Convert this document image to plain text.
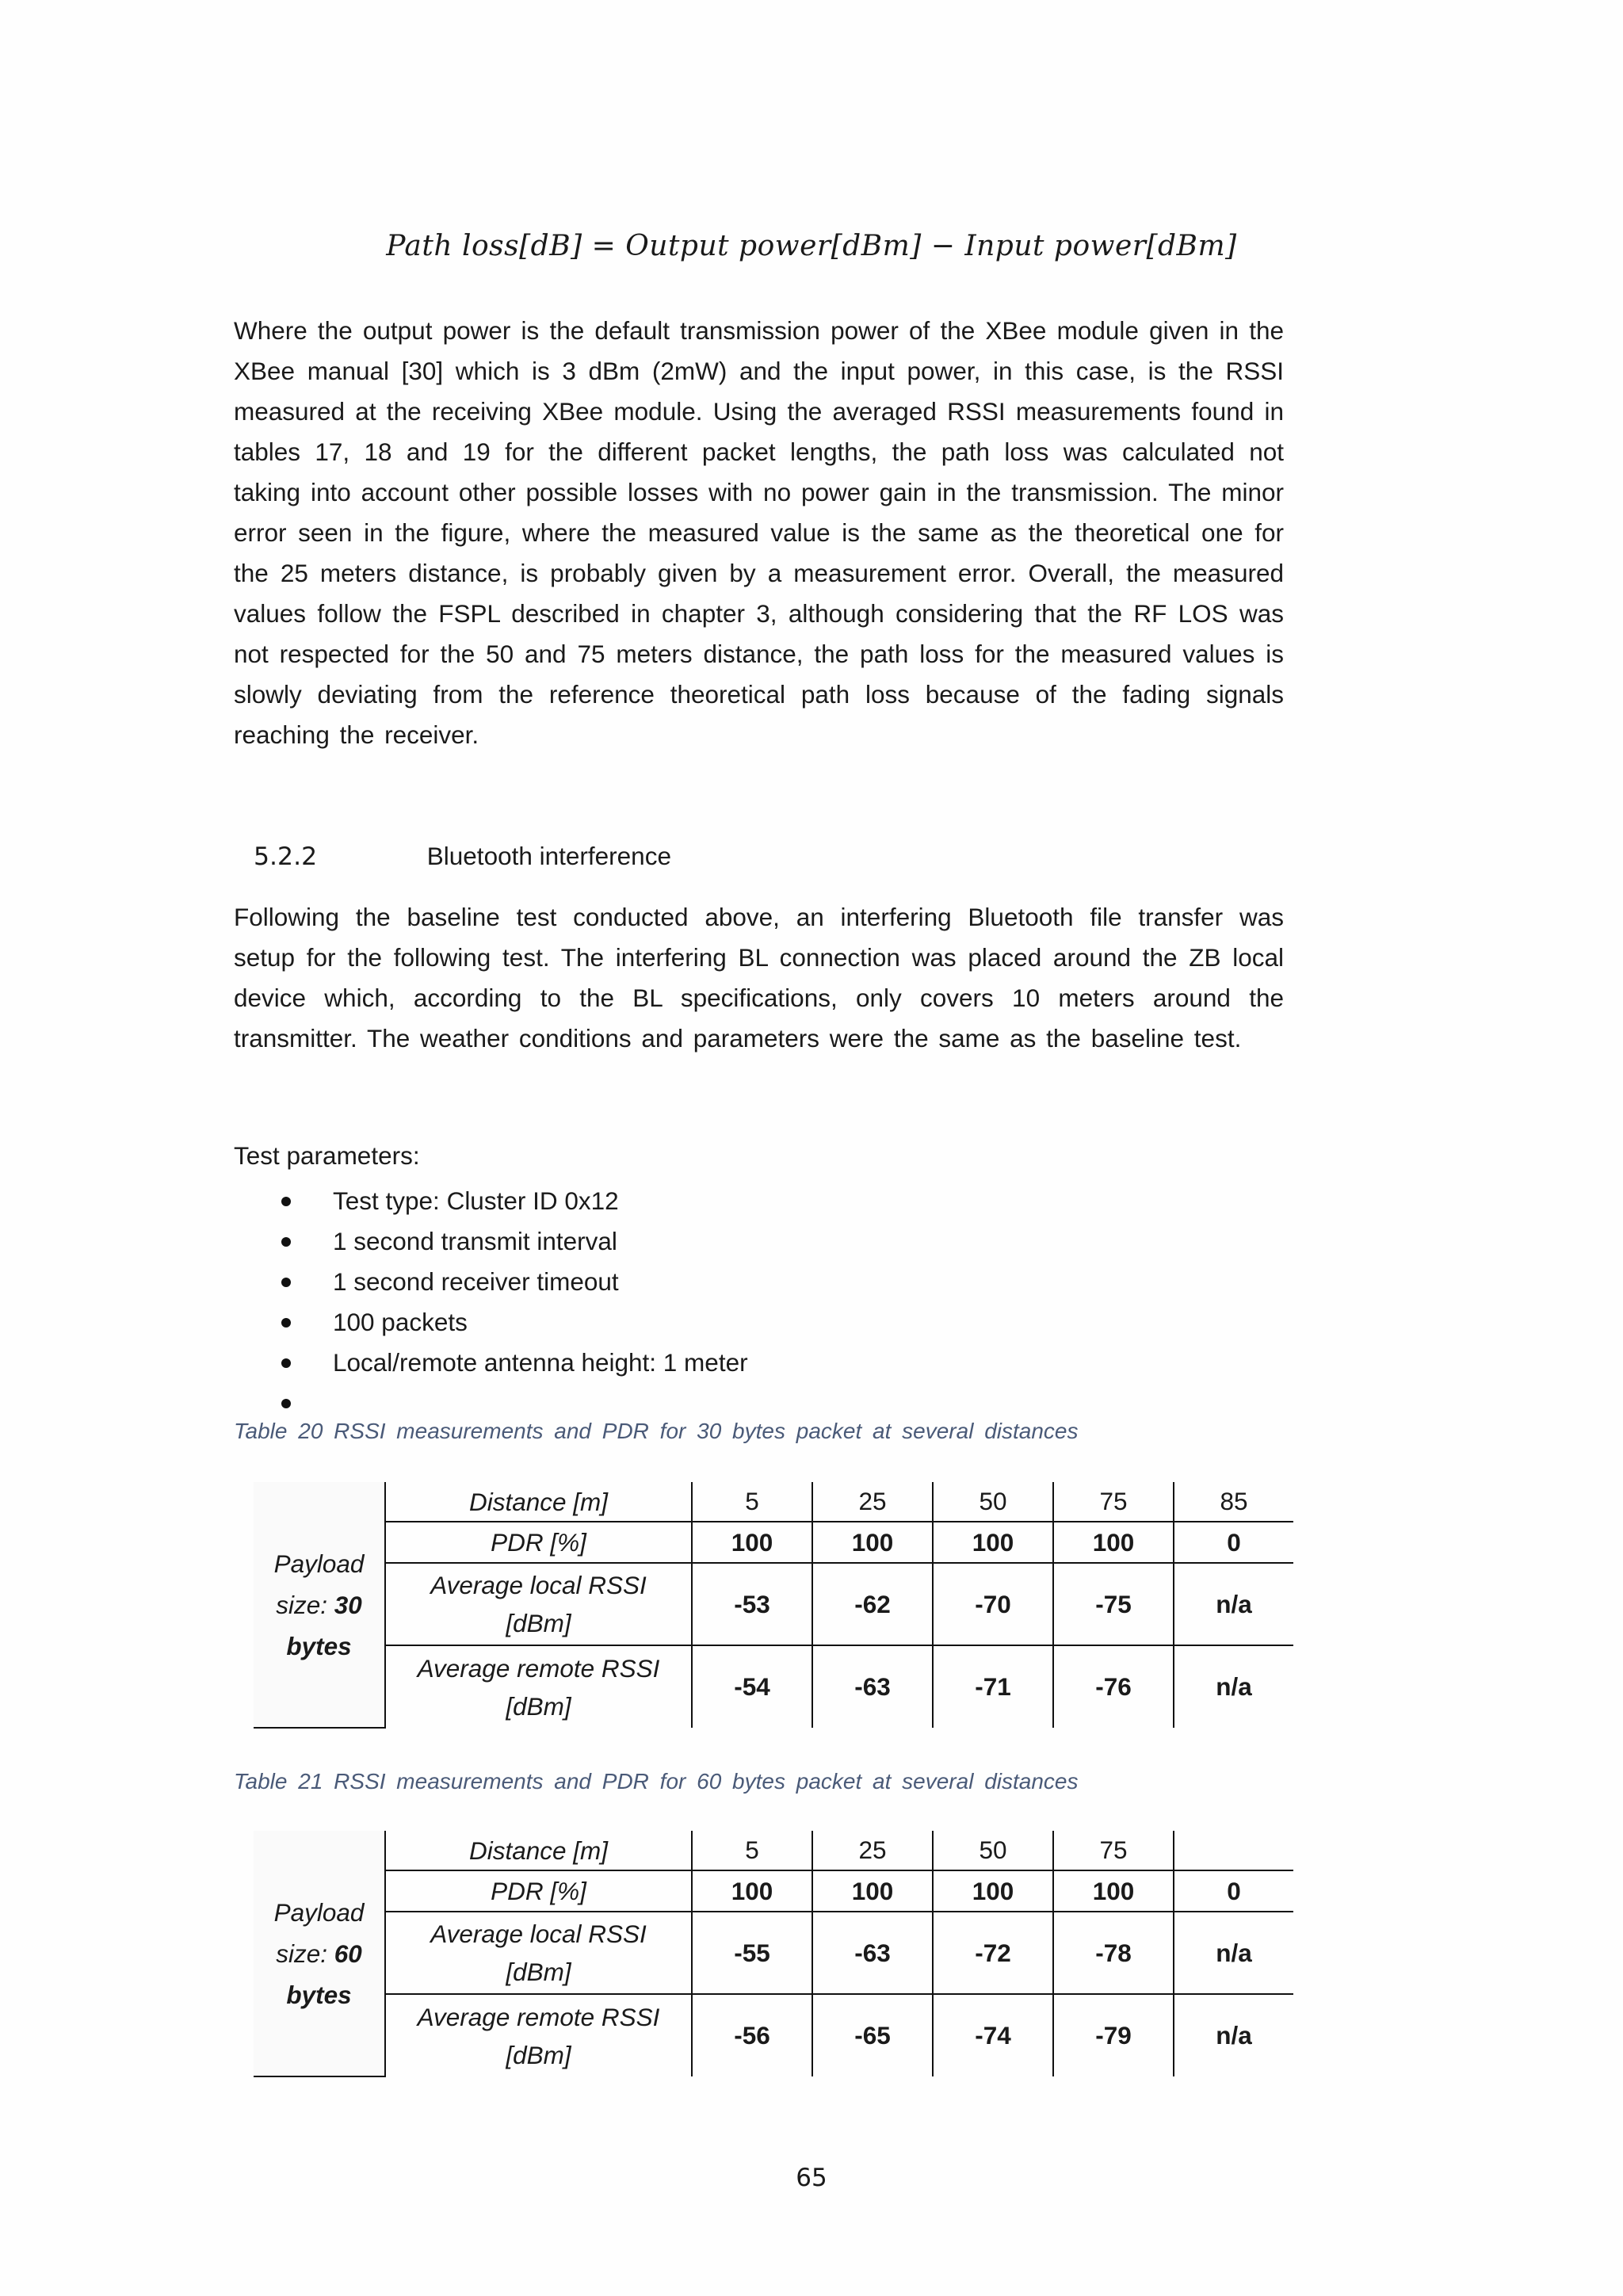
Path loss[dB] = Output power[dBm] − Input power[dBm]

Where the output power is the default transmission power of the XBee module given in the XBee manual [30] which is 3 dBm (2mW) and the input power, in this case, is the RSSI measured at the receiving XBee module. Using the averaged RSSI measurements found in tables 17, 18 and 19 for the different packet lengths, the path loss was calculated not taking into account other possible losses with no power gain in the transmission. The minor error seen in the figure, where the measured value is the same as the theoretical one for the 25 meters distance, is probably given by a measurement error. Overall, the measured values follow the FSPL described in chapter 3, although considering that the RF LOS was not respected for the 50 and 75 meters distance, the path loss for the measured values is slowly deviating from the reference theoretical path loss because of the fading signals reaching the receiver.

5.2.2	Bluetooth interference

Following the baseline test conducted above, an interfering Bluetooth file transfer was setup for the following test. The interfering BL connection was placed around the ZB local device which, according to the BL specifications, only covers 10 meters around the transmitter. The weather conditions and parameters were the same as the baseline test.

Test parameters:
Test type: Cluster ID 0x12
1 second transmit interval
1 second receiver timeout
100 packets
Local/remote antenna height: 1 meter
Table 20 RSSI measurements and PDR for 30 bytes packet at several distances
Payload
size: 30
bytes	Distance [m]	5	25	50	75	85
	PDR [%]	100	100	100	100	0

	Average local RSSI
[dBm]	-53	-62	-70	-75	n/a

	Average remote RSSI
[dBm]	-54	-63	-71	-76	n/a
Table 21 RSSI measurements and PDR for 60 bytes packet at several distances
Payload
size: 60
bytes	Distance [m]	5	25	50	75	
	PDR [%]	100	100	100	100	0

	Average local RSSI
[dBm]	-55	-63	-72	-78	n/a

	Average remote RSSI
[dBm]	-56	-65	-74	-79	n/a
65
